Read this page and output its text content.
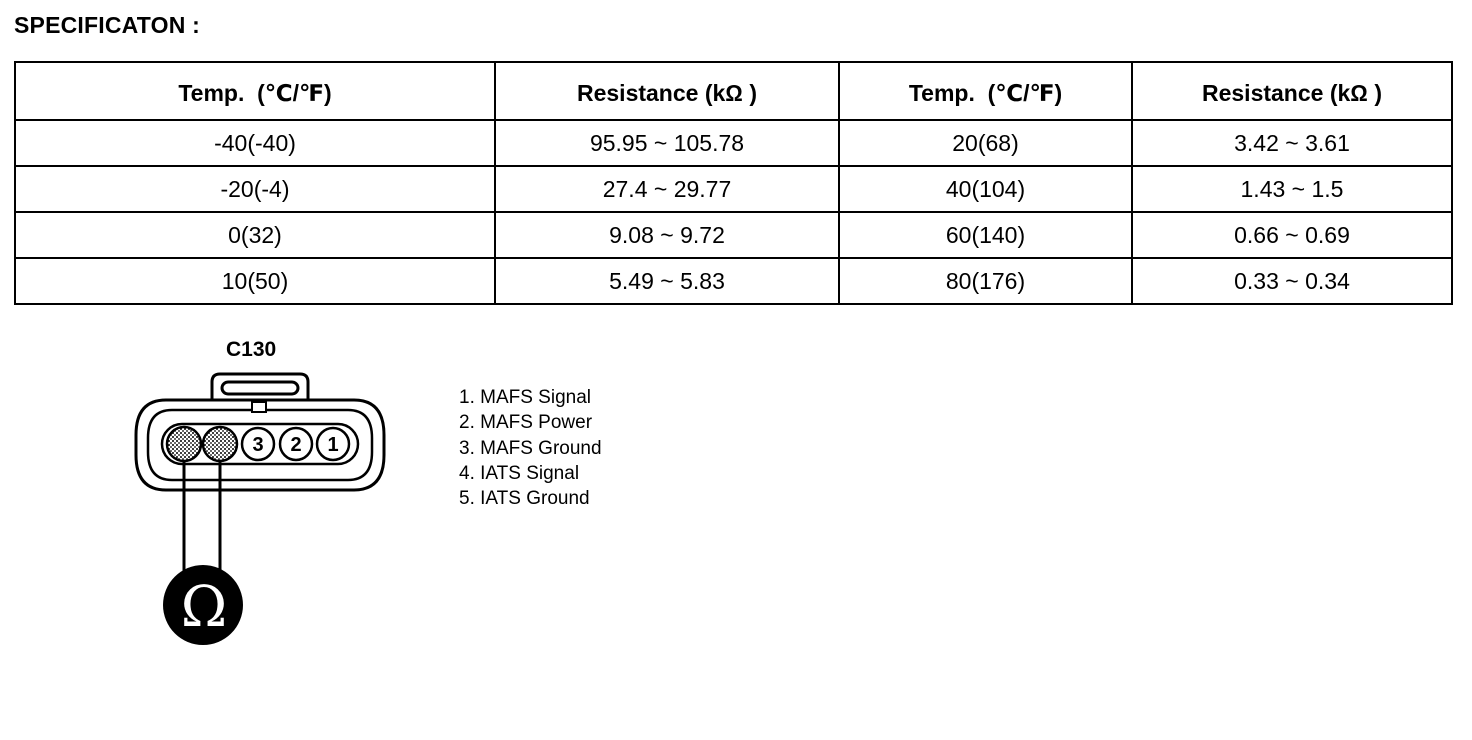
SPECIFICATON :
Temp.  (℃/℉)	Resistance (kΩ )	Temp.  (℃/℉)	Resistance (kΩ )
-40(-40)	95.95 ~ 105.78	20(68)	3.42 ~ 3.61
-20(-4)	27.4 ~ 29.77	40(104)	1.43 ~ 1.5
0(32)	9.08 ~ 9.72	60(140)	0.66 ~ 0.69
10(50)	5.49 ~ 5.83	80(176)	0.33 ~ 0.34
C130
3 2 1
Ω
1. MAFS Signal
2. MAFS Power
3. MAFS Ground
4. IATS Signal
5. IATS Ground
